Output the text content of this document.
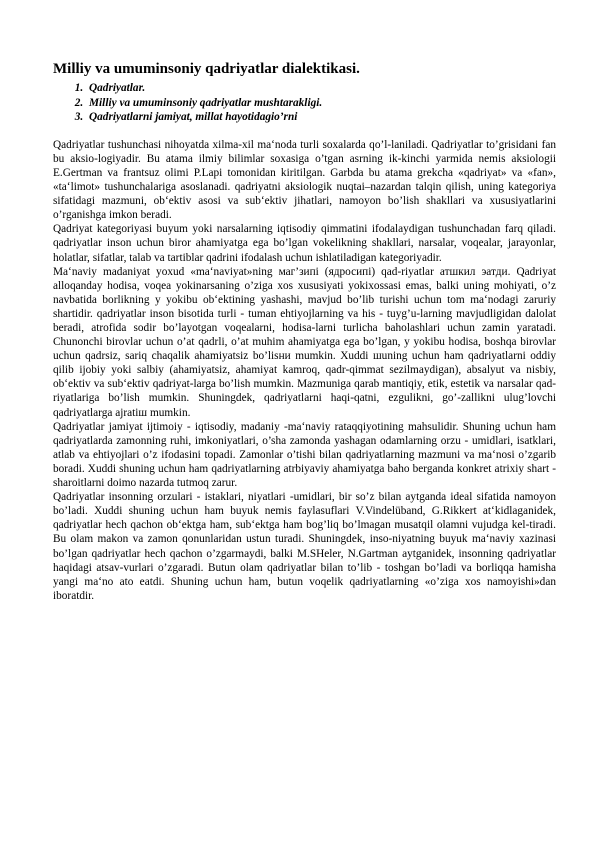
Milliy va umuminsoniy qadriyatlar dialektikasi.
1. Qadriyatlar.
2. Milliy va umuminsoniy qadriyatlar mushtarakligi.
3. Qadriyatlarni jamiyat, millat hayotidagio’rni

Qadriyatlar tushunchasi nihoyatda xilma-xil ma‘noda turli soxalarda qo’l-laniladi. Qadriyatlar to’grisidani fan bu aksio-logiyadir. Bu atama ilmiy bilimlar soxasiga o’tgan asrning ik-kinchi yarmida nemis aksiologii E.Gertman va frantsuz olimi P.Lapi tomonidan kiritilgan. Garbda bu atama grekcha «qadriyat» va «fan», «ta‘limot» tushunchalariga asoslanadi. qadriyatni aksiologik nuqtai–nazardan talqin qilish, uning kategoriya sifatidagi mazmuni, ob‘ektiv asosi va sub‘ektiv jihatlari, namoyon bo’lish shakllari va xususiyatlarini o’rganishga imkon beradi.

Qadriyat kategoriyasi buyum yoki narsalarning iqtisodiy qimmatini ifodalaydigan tushunchadan farq qiladi. qadriyatlar inson uchun biror ahamiyatga ega bo’lgan vokelikning shakllari, narsalar, voqealar, jarayonlar, holatlar, sifatlar, talab va tartiblar qadrini ifodalash uchun ishlatiladigan kategoriyadir.

Ma‘naviy madaniyat yoxud «ma‘naviyat»ning маг’зипі (ядросипі) qad-riyatlar атшкил эатди. Qadriyat alloqanday hodisa, voqea yokinarsaning o’ziga xos xususiyati yokixossasi emas, balki uning mohiyati, o’z navbatida borlikning у yokibu ob‘ektining yashashi, mavjud bo’lib turishi uchun tom ma‘nodagi zaruriy shartidir. qadriyatlar inson bisotida turli - tuman ehtiyojlarning va his - tuyg’u-larning mavjudligidan dalolat beradi, atrofida sodir bo’layotgan voqealarni, hodisa-larni turlicha baholashlari uchun zamin yaratadi. Chunonchi birovlar uchun o’at qadrli, o’at muhim ahamiyatga ega bo’lgan, у yokibu hodisa, boshqa birovlar uchun qadrsiz, sariq chaqalik ahamiyatsiz bo’lisни mumkin. Xuddi шuning uchun ham qadriyatlarni oddiy qilib ijobiy yoki salbiy (ahamiyatsiz, ahamiyat kamroq, qadr-qimmat sezilmaydigan), absalyut va nisbiy, ob‘ektiv va sub‘ektiv qadriyat-larga bo’lish mumkin. Mazmuniga qarab mantiqiy, etik, estetik va narsalar qad-riyatlariga bo’lish mumkin. Shuningdek, qadriyatlarni haqi-qatni, ezgulikni, go’-zallikni ulug’lovchi qadriyatlarga ajratiш mumkin.

Qadriyatlar jamiyat ijtimoiy - iqtisodiy, madaniy -ma‘naviy rataqqiyotining mahsulidir. Shuning uchun ham qadriyatlarda zamonning ruhi, imkoniyatlari, o’sha zamonda yashagan odamlarning orzu - umidlari, isatklari, atlab va ehtiyojlari o’z ifodasini topadi. Zamonlar o’tishi bilan qadriyatlarning mazmuni va ma‘nosi o’zgarib boradi. Xuddi shuning uchun ham qadriyatlarning atrbiyaviy ahamiyatga baho berganda konkret atrixiy shart - sharoitlarni doimo nazarda tutmoq zarur.

Qadriyatlar insonning orzulari - istaklari, niyatlari -umidlari, bir so’z bilan aytganda ideal sifatida namoyon bo’ladi. Xuddi shuning uchun ham buyuk nemis faylasuflari V.Vindelüband, G.Rikkert at‘kidlaganidek, qadriyatlar hech qachon ob‘ektga ham, sub‘ektga ham bog’liq bo’lmagan musatqil olamni vujudga kel-tiradi. Bu olam makon va zamon qonunlaridan ustun turadi. Shuningdek, inso-niyatning buyuk ma‘naviy xazinasi bo’lgan qadriyatlar hech qachon o’zgarmaydi, balki M.SHeler, N.Gartman aytganidek, insonning qadriyatlar haqidagi atsav-vurlari o’zgaradi. Butun olam qadriyatlar bilan to’lib - toshgan bo’ladi va borliqqa hamisha yangi ma‘no ato eatdi. Shuning uchun ham, butun voqelik qadriyatlarning «o’ziga xos namoyishi»dan iboratdir.
